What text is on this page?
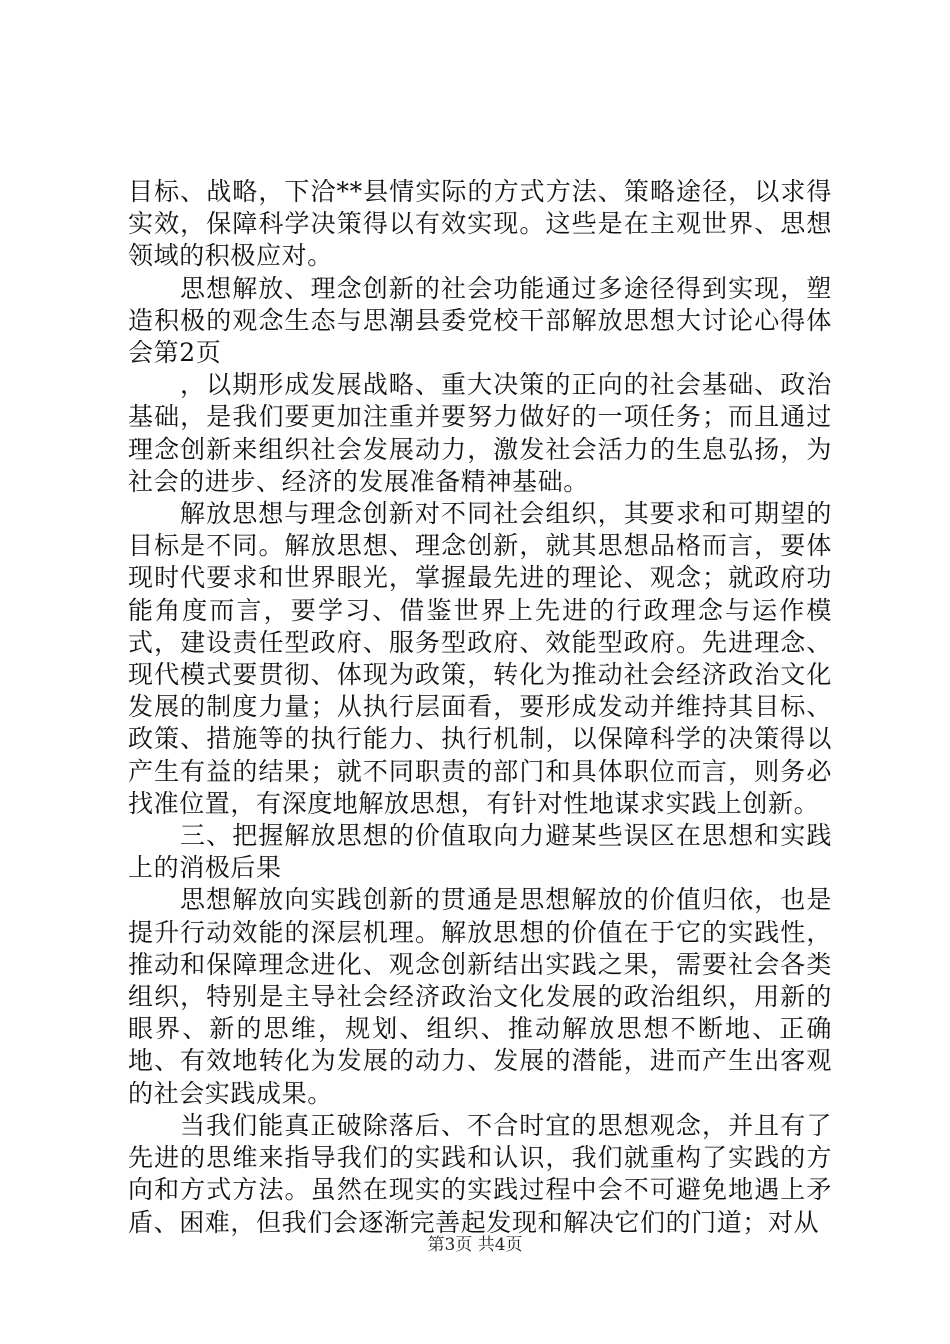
目标、战略，下洽**县情实际的方式方法、策略途径，以求得实效，保障科学决策得以有效实现。这些是在主观世界、思想领域的积极应对。

思想解放、理念创新的社会功能通过多途径得到实现，塑造积极的观念生态与思潮县委党校干部解放思想大讨论心得体会第2页

，以期形成发展战略、重大决策的正向的社会基础、政治基础，是我们要更加注重并要努力做好的一项任务；而且通过理念创新来组织社会发展动力，激发社会活力的生息弘扬，为社会的进步、经济的发展准备精神基础。

解放思想与理念创新对不同社会组织，其要求和可期望的目标是不同。解放思想、理念创新，就其思想品格而言，要体现时代要求和世界眼光，掌握最先进的理论、观念；就政府功能角度而言，要学习、借鉴世界上先进的行政理念与运作模式，建设责任型政府、服务型政府、效能型政府。先进理念、现代模式要贯彻、体现为政策，转化为推动社会经济政治文化发展的制度力量；从执行层面看，要形成发动并维持其目标、政策、措施等的执行能力、执行机制，以保障科学的决策得以产生有益的结果；就不同职责的部门和具体职位而言，则务必找准位置，有深度地解放思想，有针对性地谋求实践上创新。

三、把握解放思想的价值取向力避某些误区在思想和实践上的消极后果

思想解放向实践创新的贯通是思想解放的价值归依，也是提升行动效能的深层机理。解放思想的价值在于它的实践性，推动和保障理念进化、观念创新结出实践之果，需要社会各类组织，特别是主导社会经济政治文化发展的政治组织，用新的眼界、新的思维，规划、组织、推动解放思想不断地、正确地、有效地转化为发展的动力、发展的潜能，进而产生出客观的社会实践成果。

当我们能真正破除落后、不合时宜的思想观念，并且有了先进的思维来指导我们的实践和认识，我们就重构了实践的方向和方式方法。虽然在现实的实践过程中会不可避免地遇上矛盾、困难，但我们会逐渐完善起发现和解决它们的门道；对从

第3页 共4页
